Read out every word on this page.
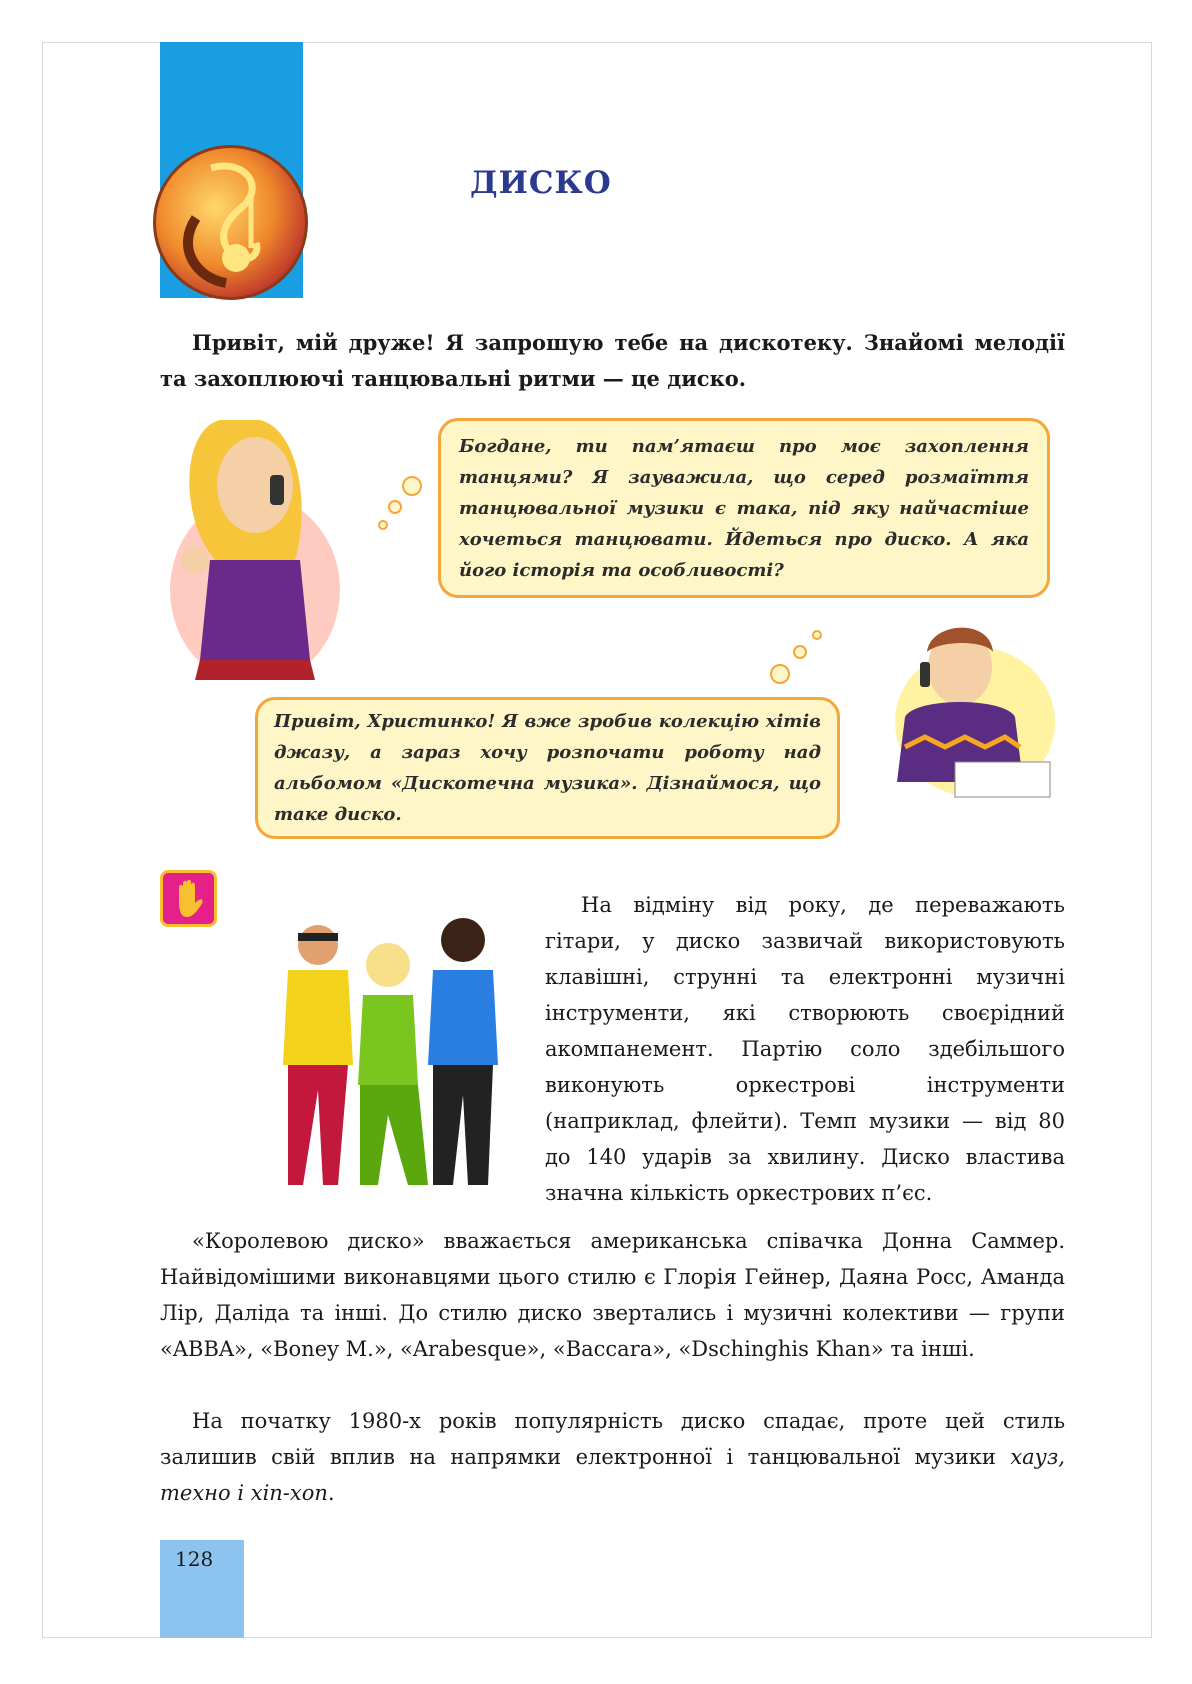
ДИСКО

Привіт, мій друже! Я запрошую тебе на дискотеку. Знайомі мелодії та захоплюючі танцювальні ритми — це диско.

Богдане, ти пам’ятаєш про моє захоплення танцями? Я зауважила, що серед розмаїття танцювальної музики є така, під яку найчастіше хочеться танцювати. Йдеться про диско. А яка його історія та особливості?
Привіт, Христинко! Я вже зробив колекцію хітів джазу, а зараз хочу розпочати роботу над альбомом «Дискотечна музика». Дізнаймося, що таке диско.

На відміну від року, де переважають гітари, у диско зазвичай використовують клавішні, струнні та електронні музичні інструменти, які створюють своєрідний акомпанемент. Партію соло здебільшого виконують оркестрові інструменти (наприклад, флейти). Темп музики — від 80 до 140 ударів за хвилину. Диско властива значна кількість оркестрових п’єс.

«Королевою диско» вважається американська співачка Донна Саммер. Найвідомішими виконавцями цього стилю є Глорія Гейнер, Даяна Росс, Аманда Лір, Даліда та інші. До стилю диско звертались і музичні колективи — групи «ABBA», «Boney M.», «Arabesque», «Baccara», «Dschinghis Khan» та інші.

На початку 1980-х років популярність диско спадає, проте цей стиль залишив свій вплив на напрямки електронної і танцювальної музики хауз, техно і хіп-хоп.

128
